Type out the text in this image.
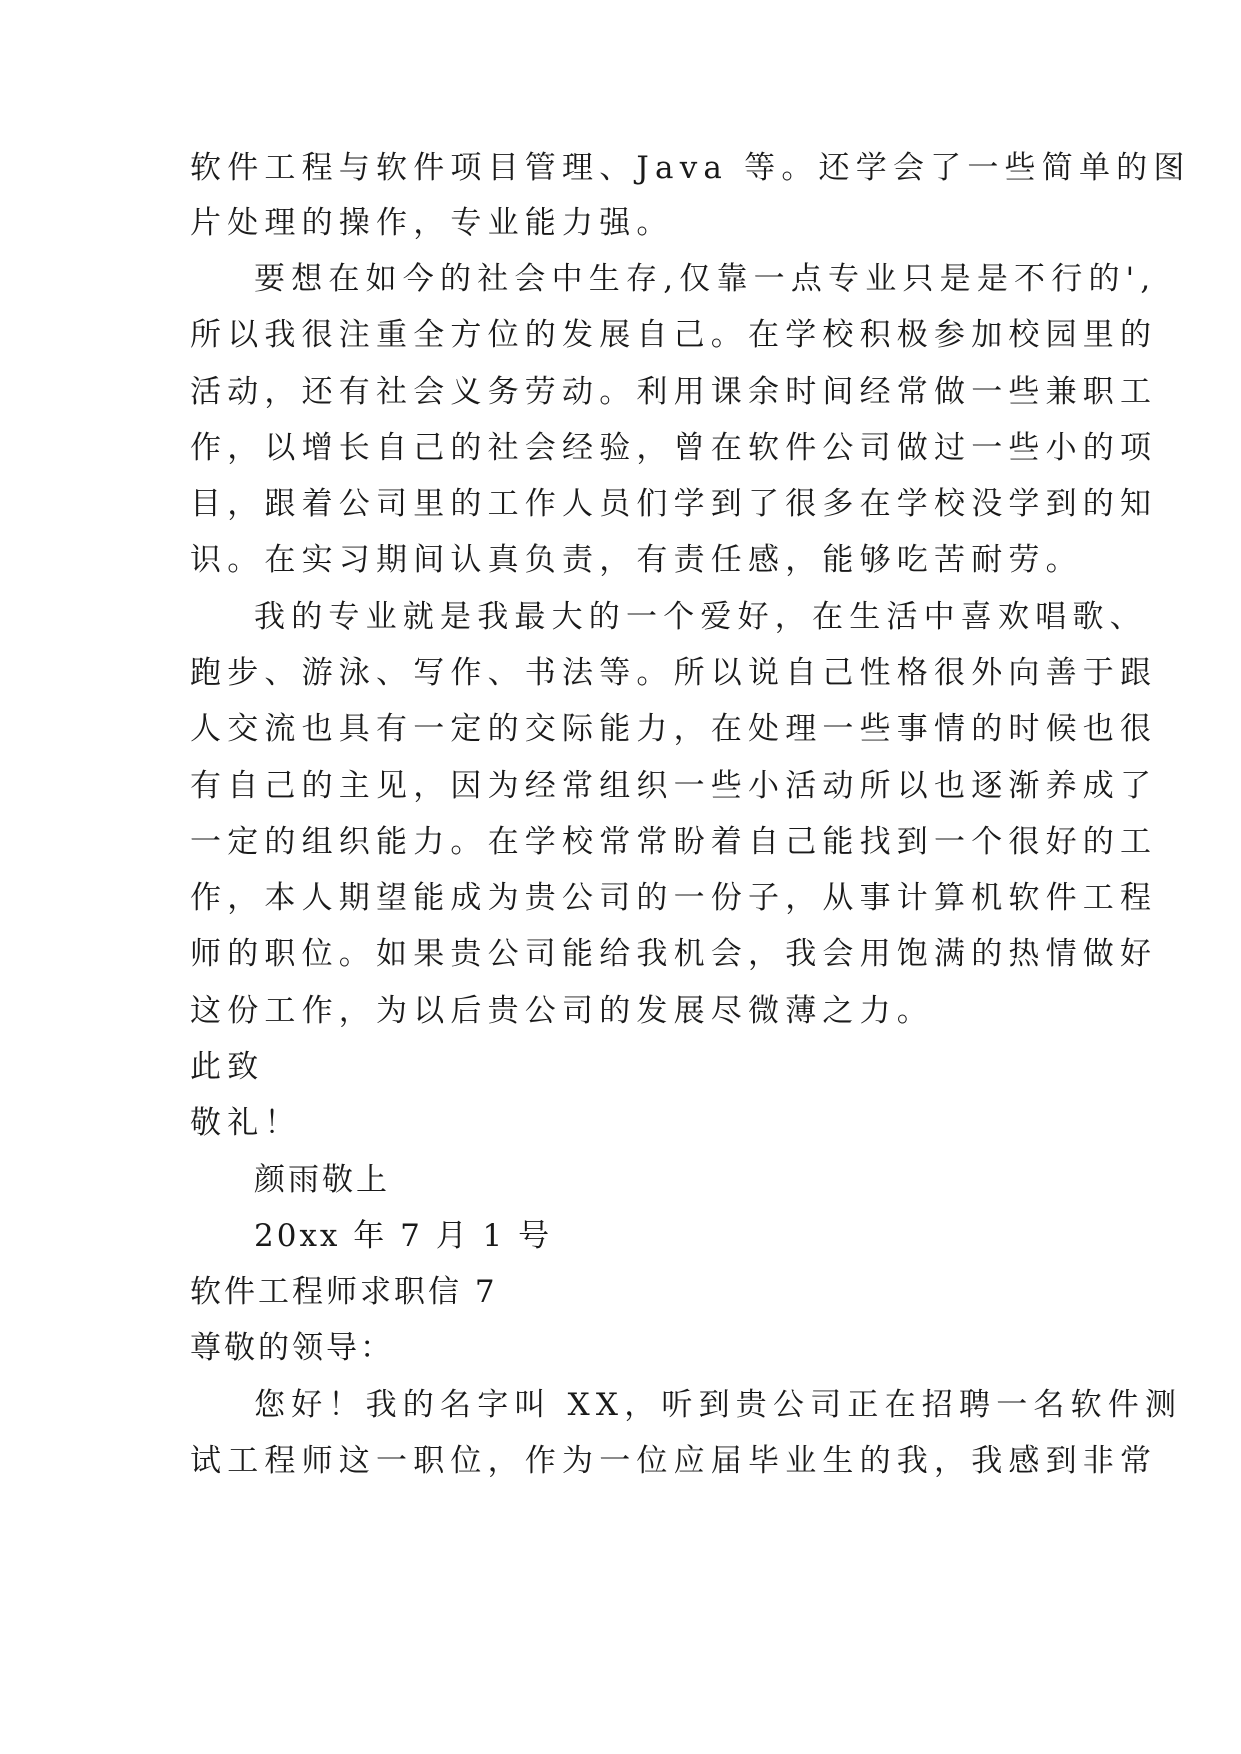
软件工程与软件项目管理、Java 等。还学会了一些简单的图
片处理的操作，专业能力强。
要想在如今的社会中生存,仅靠一点专业只是是不行的',
所以我很注重全方位的发展自己。在学校积极参加校园里的
活动，还有社会义务劳动。利用课余时间经常做一些兼职工
作，以增长自己的社会经验，曾在软件公司做过一些小的项
目，跟着公司里的工作人员们学到了很多在学校没学到的知
识。在实习期间认真负责，有责任感，能够吃苦耐劳。
我的专业就是我最大的一个爱好，在生活中喜欢唱歌、
跑步、游泳、写作、书法等。所以说自己性格很外向善于跟
人交流也具有一定的交际能力，在处理一些事情的时候也很
有自己的主见，因为经常组织一些小活动所以也逐渐养成了
一定的组织能力。在学校常常盼着自己能找到一个很好的工
作，本人期望能成为贵公司的一份子，从事计算机软件工程
师的职位。如果贵公司能给我机会，我会用饱满的热情做好
这份工作，为以后贵公司的发展尽微薄之力。
此致
敬礼！
颜雨敬上
20xx 年 7 月 1 号
软件工程师求职信 7
尊敬的领导：
您好！我的名字叫 XX，听到贵公司正在招聘一名软件测
试工程师这一职位，作为一位应届毕业生的我，我感到非常
